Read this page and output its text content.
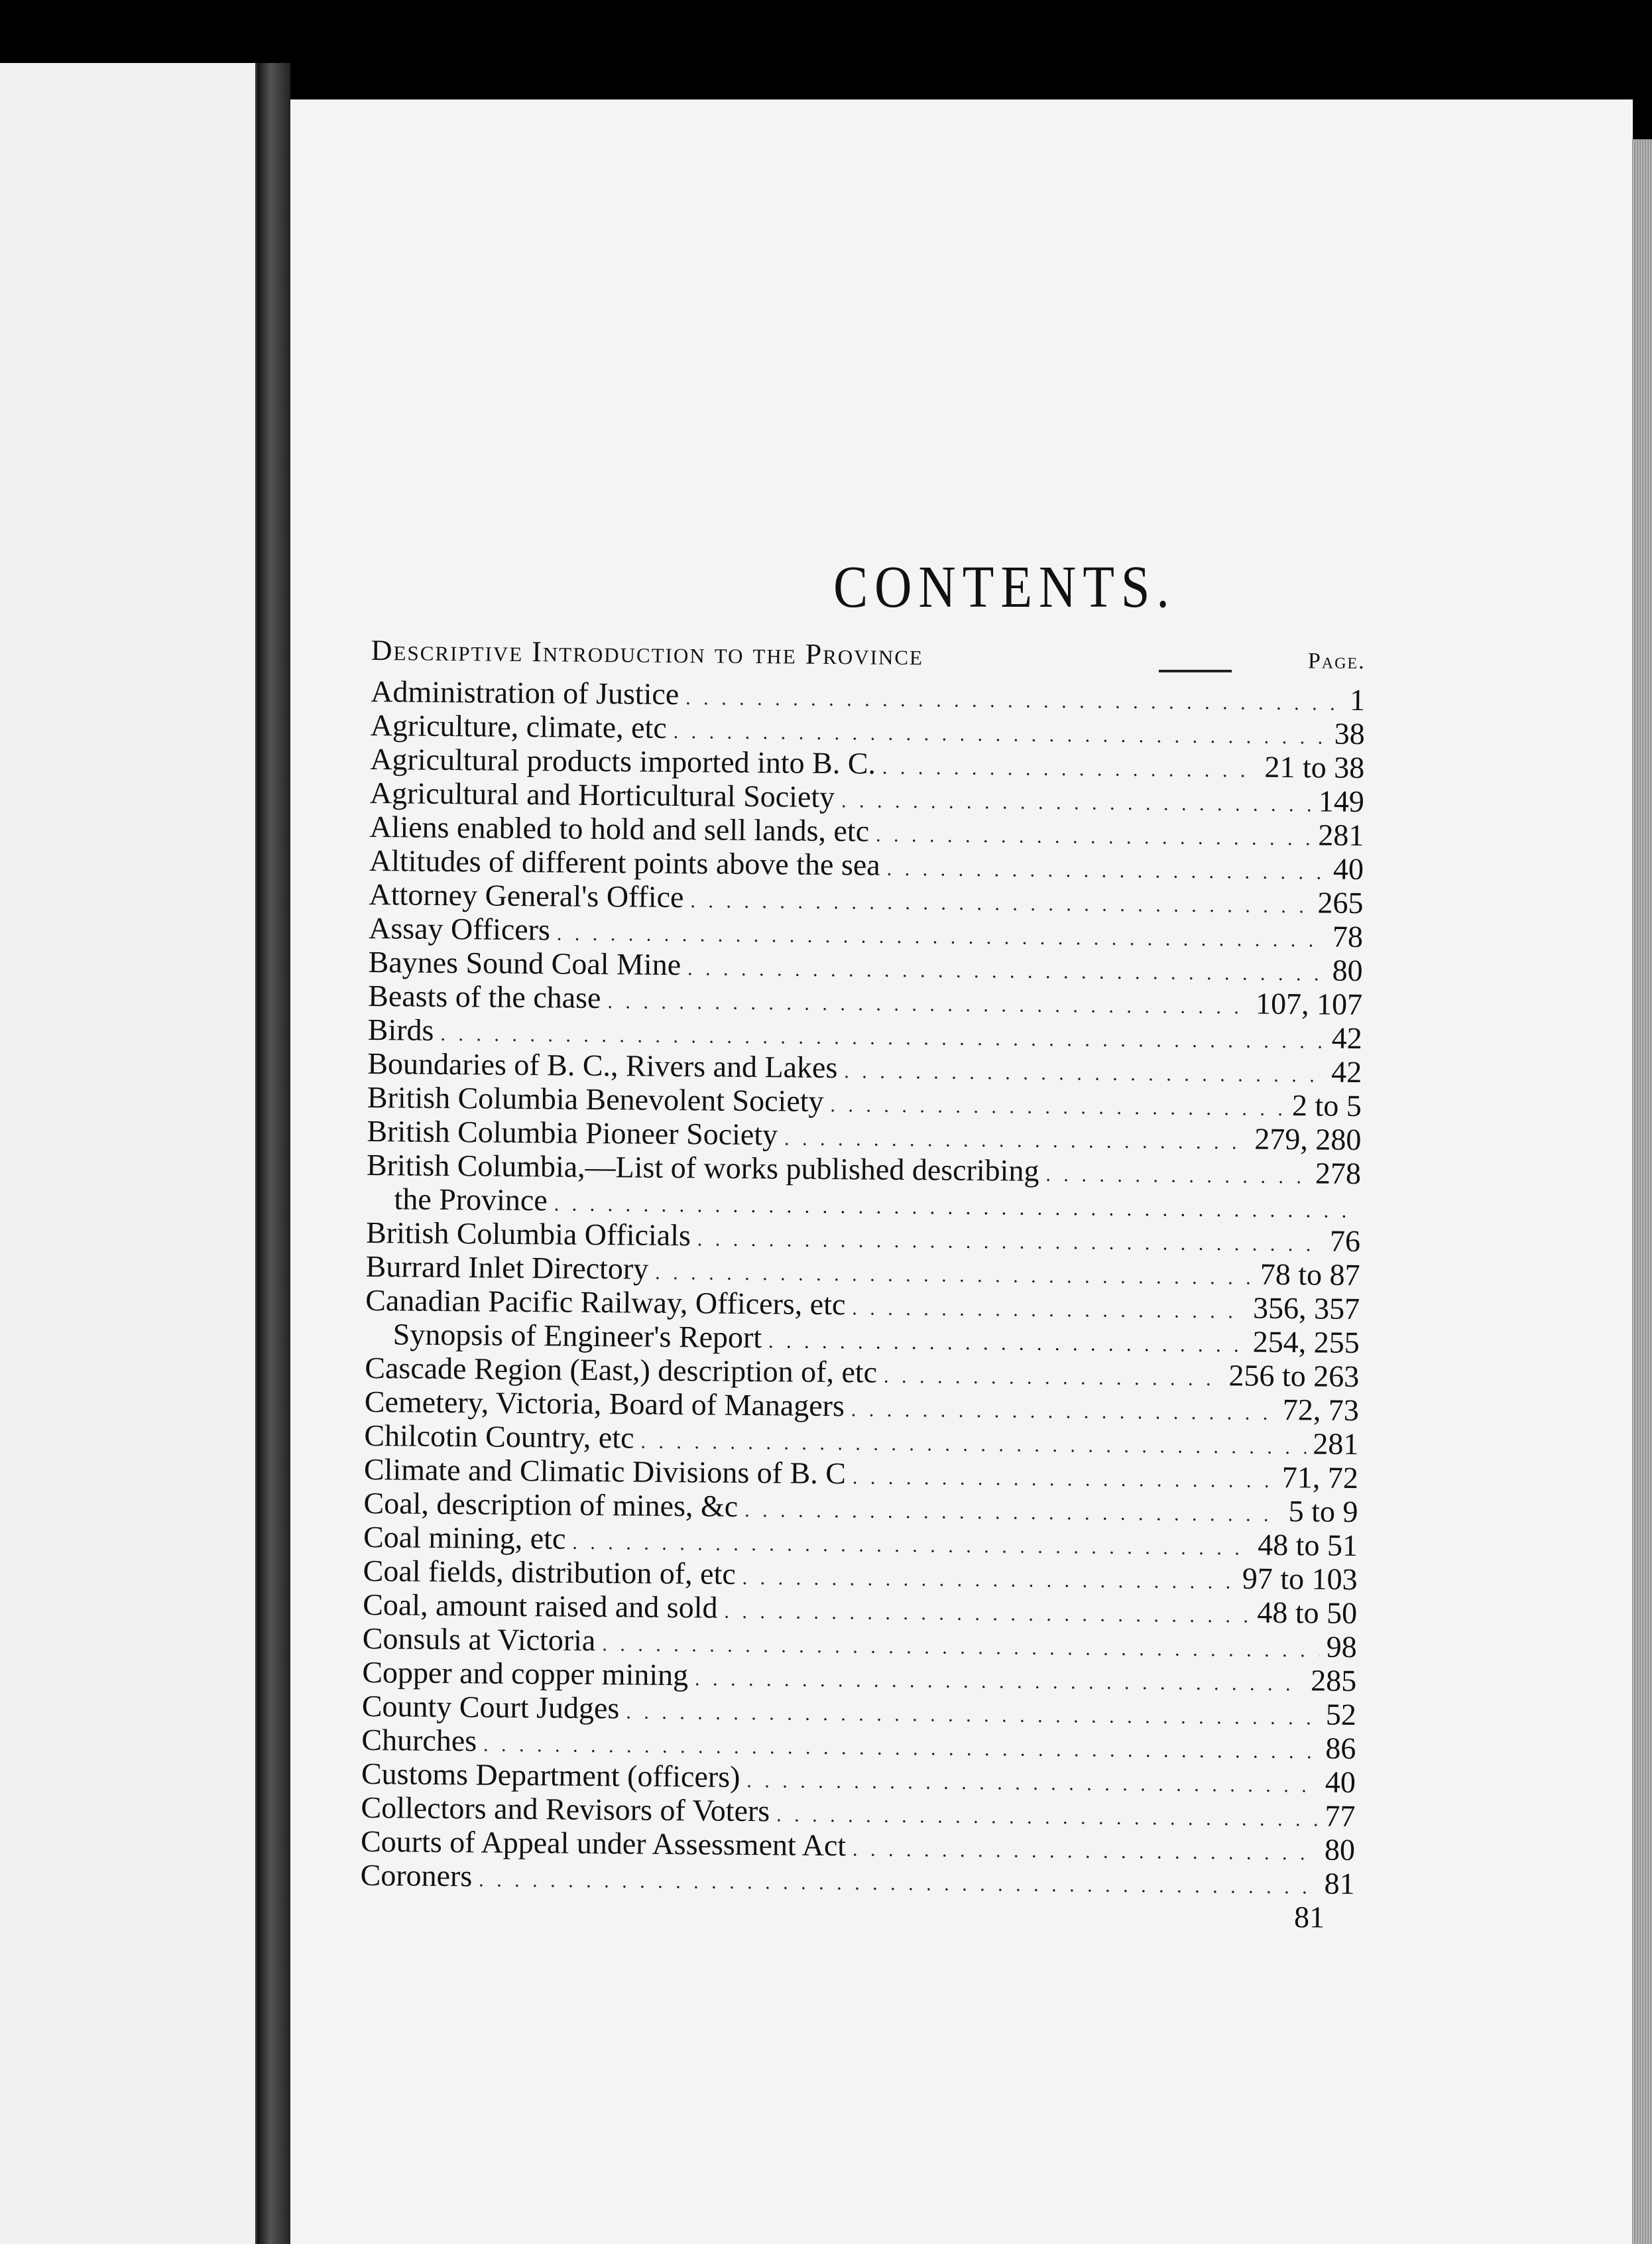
CONTENTS.
Descriptive Introduction to the Province	Page.
Administration of Justice . . .	1
Agriculture, climate, etc . . .	38
Agricultural products imported into B. C. . . .	21 to 38
Agricultural and Horticultural Society . . .	149
Aliens enabled to hold and sell lands, etc . . .	281
Altitudes of different points above the sea . . .	40
Attorney General's Office . . .	265
Assay Officers . . .	78
Baynes Sound Coal Mine . . .	80
Beasts of the chase . . .	107, 107
Birds . . .	42
Boundaries of B. C., Rivers and Lakes . . .	42
British Columbia Benevolent Society . . .	2 to 5
British Columbia Pioneer Society . . .	279, 280
British Columbia,—List of works published describing . . .	278
the Province
. . .
British Columbia Officials . . .	76
Burrard Inlet Directory . . .	78 to 87
Canadian Pacific Railway, Officers, etc . . .	356, 357
Synopsis of Engineer's Report . . .	254, 255
Cascade Region (East,) description of, etc . . .	256 to 263
Cemetery, Victoria, Board of Managers . . .	72, 73
Chilcotin Country, etc . . .	281
Climate and Climatic Divisions of B. C . . .	71, 72
Coal, description of mines, &c . . .	5 to 9
Coal mining, etc . . .	48 to 51
Coal fields, distribution of, etc . . .	97 to 103
Coal, amount raised and sold . . .	48 to 50
Consuls at Victoria . . .	98
Copper and copper mining . . .	285
County Court Judges . . .	52
Churches . . .	86
Customs Department (officers) . . .	40
Collectors and Revisors of Voters . . .	77
Courts of Appeal under Assessment Act . . .	80
Coroners . . .	81
81
